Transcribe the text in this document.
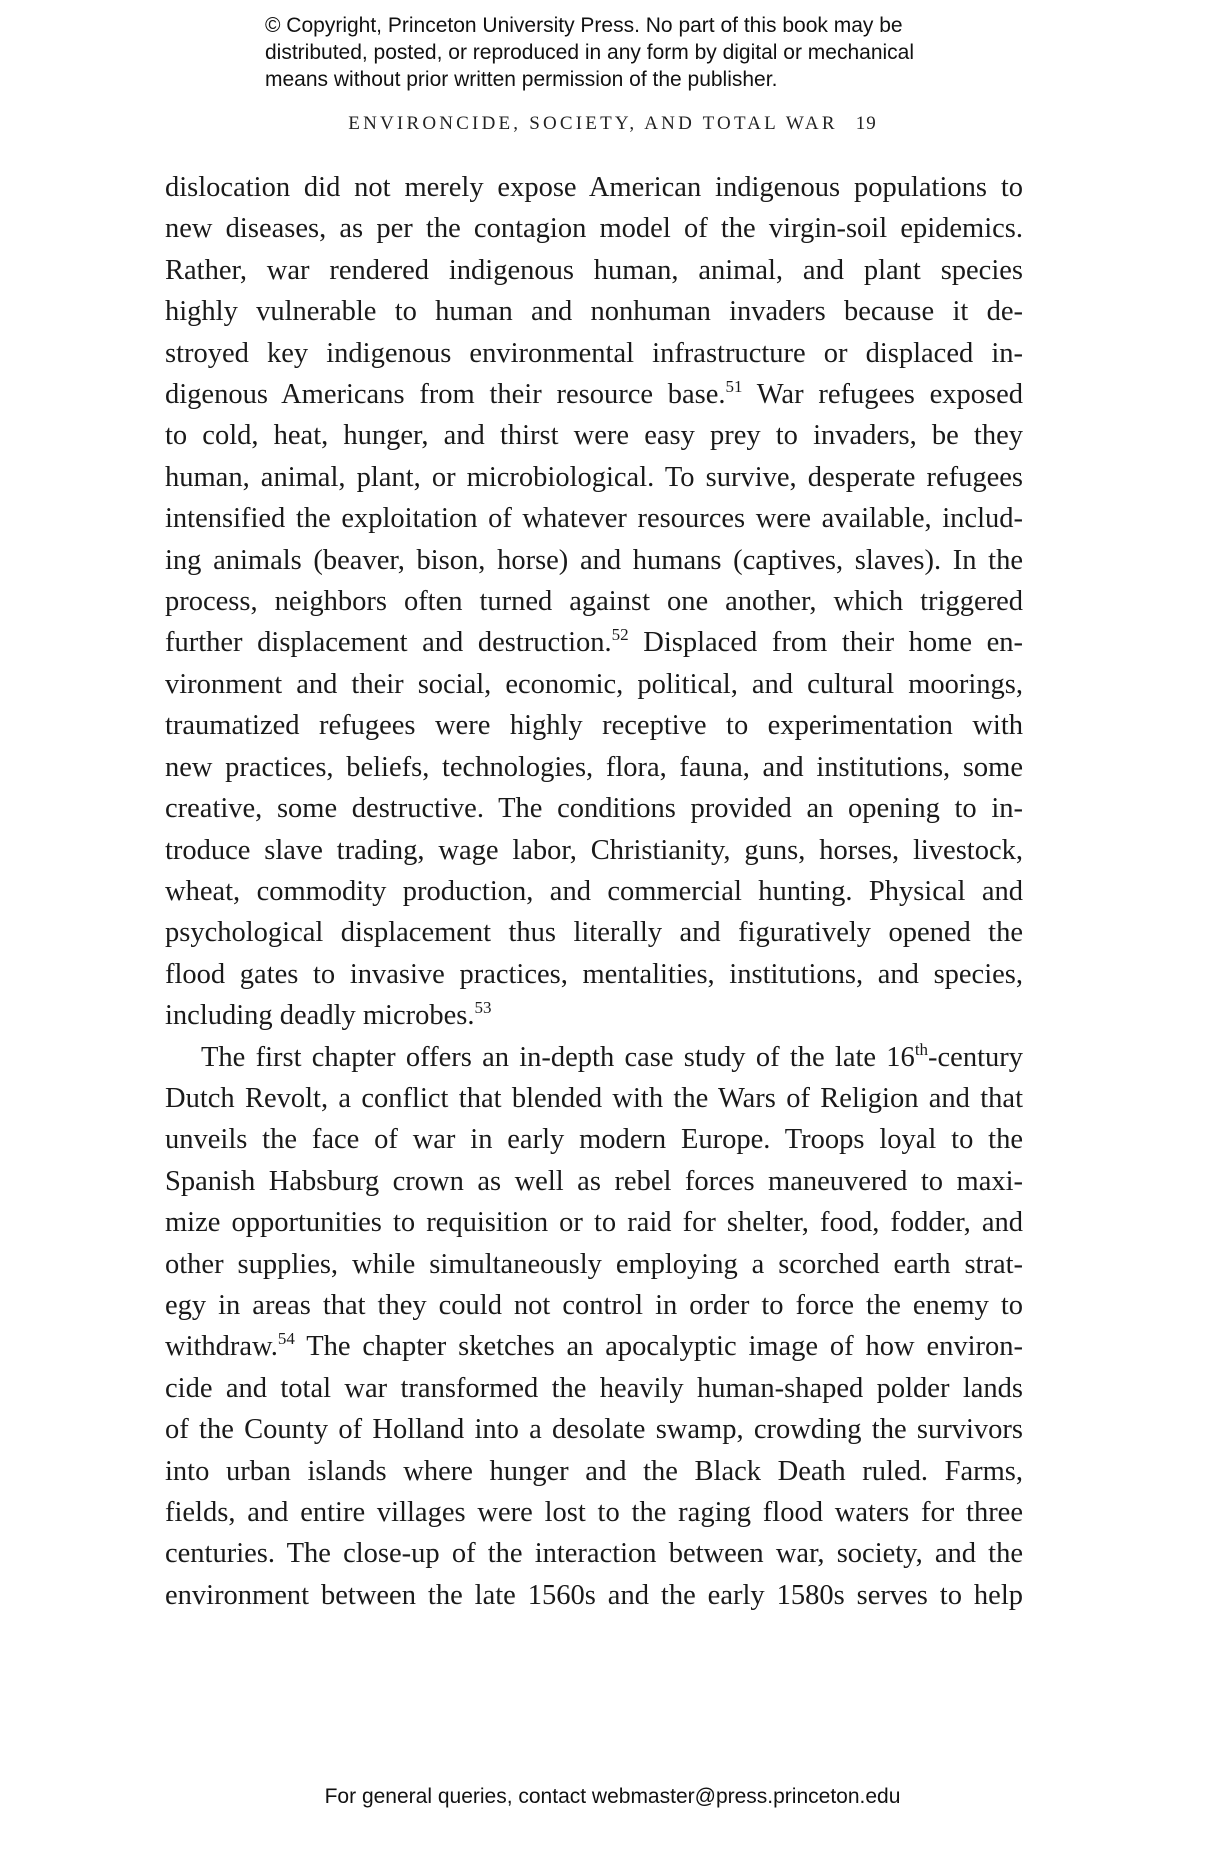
© Copyright, Princeton University Press. No part of this book may be
distributed, posted, or reproduced in any form by digital or mechanical
means without prior written permission of the publisher.
ENVIRONCIDE, SOCIETY, AND TOTAL WAR 19
dislocation did not merely expose American indigenous populations to
new diseases, as per the contagion model of the virgin-soil epidemics.
Rather, war rendered indigenous human, animal, and plant species
highly vulnerable to human and nonhuman invaders because it de-
stroyed key indigenous environmental infrastructure or displaced in-
digenous Americans from their resource base.$^{51}$ War refugees exposed
to cold, heat, hunger, and thirst were easy prey to invaders, be they
human, animal, plant, or microbiological. To survive, desperate refugees
intensified the exploitation of whatever resources were available, includ-
ing animals (beaver, bison, horse) and humans (captives, slaves). In the
process, neighbors often turned against one another, which triggered
further displacement and destruction.$^{52}$ Displaced from their home en-
vironment and their social, economic, political, and cultural moorings,
traumatized refugees were highly receptive to experimentation with
new practices, beliefs, technologies, flora, fauna, and institutions, some
creative, some destructive. The conditions provided an opening to in-
troduce slave trading, wage labor, Christianity, guns, horses, livestock,
wheat, commodity production, and commercial hunting. Physical and
psychological displacement thus literally and figuratively opened the
flood gates to invasive practices, mentalities, institutions, and species,
including deadly microbes.$^{53}$
The first chapter offers an in-depth case study of the late 16th-century
Dutch Revolt, a conflict that blended with the Wars of Religion and that
unveils the face of war in early modern Europe. Troops loyal to the
Spanish Habsburg crown as well as rebel forces maneuvered to maxi-
mize opportunities to requisition or to raid for shelter, food, fodder, and
other supplies, while simultaneously employing a scorched earth strat-
egy in areas that they could not control in order to force the enemy to
withdraw.$^{54}$ The chapter sketches an apocalyptic image of how environ-
cide and total war transformed the heavily human-shaped polder lands
of the County of Holland into a desolate swamp, crowding the survivors
into urban islands where hunger and the Black Death ruled. Farms,
fields, and entire villages were lost to the raging flood waters for three
centuries. The close-up of the interaction between war, society, and the
environment between the late 1560s and the early 1580s serves to help
For general queries, contact webmaster@press.princeton.edu
